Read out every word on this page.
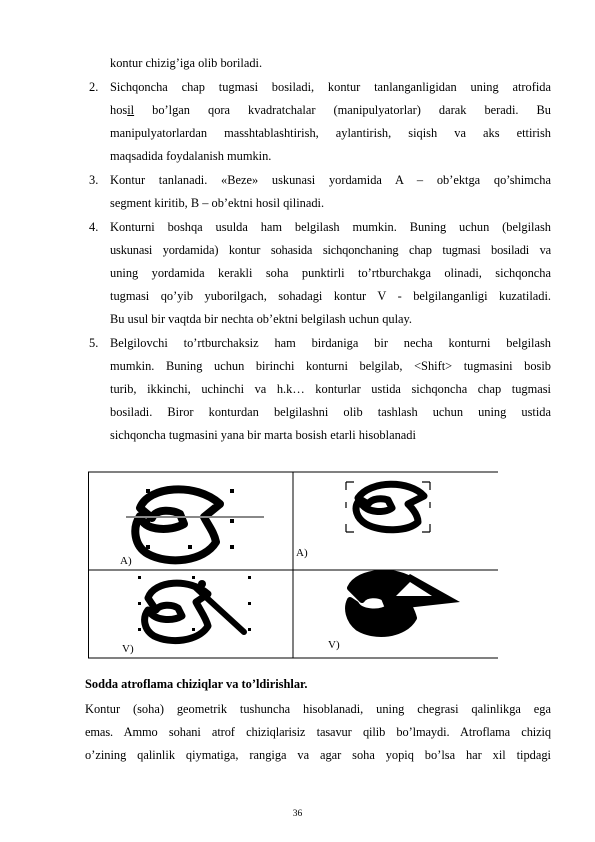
kontur chizig’iga olib boriladi.
2. Sichqoncha chap tugmasi bosiladi, kontur tanlanganligidan uning atrofida
hosil bo’lgan qora kvadratchalar (manipulyatorlar) darak beradi. Bu
manipulyatorlardan masshtablashtirish, aylantirish, siqish va aks ettirish
maqsadida foydalanish mumkin.
3. Kontur tanlanadi. «Beze» uskunasi yordamida A – ob’ektga qo’shimcha
segment kiritib, B – ob’ektni hosil qilinadi.
4. Konturni boshqa usulda ham belgilash mumkin. Buning uchun (belgilash
uskunasi yordamida) kontur sohasida sichqonchaning chap tugmasi bosiladi va
uning yordamida kerakli soha punktirli to’rtburchakga olinadi, sichqoncha
tugmasi qo’yib yuborilgach, sohadagi kontur V - belgilanganligi kuzatiladi.
Bu usul bir vaqtda bir nechta ob’ektni belgilash uchun qulay.
5. Belgilovchi to’rtburchaksiz ham birdaniga bir necha konturni belgilash
mumkin. Buning uchun birinchi konturni belgilab, <Shift> tugmasini bosib
turib, ikkinchi, uchinchi va h.k… konturlar ustida sichqoncha chap tugmasi
bosiladi. Biror konturdan belgilashni olib tashlash uchun uning ustida
sichqoncha tugmasini yana bir marta bosish etarli hisoblanadi
A)
A)
V)	V)
Sodda atroflama chiziqlar va to’ldirishlar.
Kontur (soha) geometrik tushuncha hisoblanadi, uning chegrasi qalinlikga ega
emas. Ammo sohani atrof chiziqlarisiz tasavur qilib bo’lmaydi. Atroflama chiziq
o’zining qalinlik qiymatiga, rangiga va agar soha yopiq bo’lsa har xil tipdagi
36
